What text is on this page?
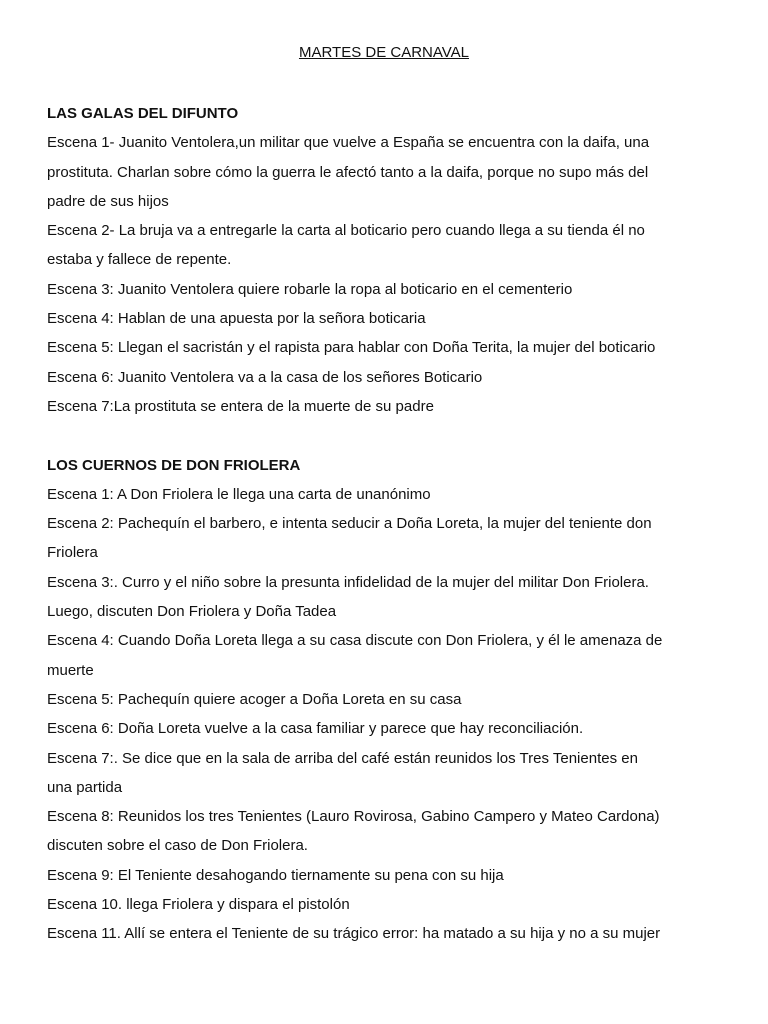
MARTES DE CARNAVAL

LAS GALAS DEL DIFUNTO

Escena 1- Juanito Ventolera,un militar que vuelve a España se encuentra con la daifa, una

prostituta. Charlan sobre cómo la guerra le afectó tanto a la daifa, porque no supo más del

padre de sus hijos

Escena 2- La bruja va a entregarle la carta al boticario pero cuando llega a su tienda él no

estaba y fallece de repente.

Escena 3: Juanito Ventolera quiere robarle la ropa al boticario en el cementerio

Escena 4: Hablan de una apuesta por la señora boticaria

Escena 5: Llegan el sacristán y el rapista para hablar con Doña Terita, la mujer del boticario

Escena 6: Juanito Ventolera va a la casa de los señores Boticario

Escena 7:La prostituta se entera de la muerte de su padre

LOS CUERNOS DE DON FRIOLERA

Escena 1: A Don Friolera le llega una carta de unanónimo

Escena 2: Pachequín el barbero, e intenta seducir a Doña Loreta, la mujer del teniente don

Friolera

Escena 3:. Curro y el niño sobre la presunta infidelidad de la mujer del militar Don Friolera.

Luego, discuten Don Friolera y Doña Tadea

Escena 4: Cuando Doña Loreta llega a su casa discute con Don Friolera, y él le amenaza de

muerte

Escena 5: Pachequín quiere acoger a Doña Loreta en su casa

Escena 6: Doña Loreta vuelve a la casa familiar y parece que hay reconciliación.

Escena 7:. Se dice que en la sala de arriba del café están reunidos los Tres Tenientes en

una partida

Escena 8: Reunidos los tres Tenientes (Lauro Rovirosa, Gabino Campero y Mateo Cardona)

discuten sobre el caso de Don Friolera.

Escena 9: El Teniente desahogando tiernamente su pena con su hija

Escena 10. llega Friolera y dispara el pistolón

Escena 11. Allí se entera el Teniente de su trágico error: ha matado a su hija y no a su mujer
